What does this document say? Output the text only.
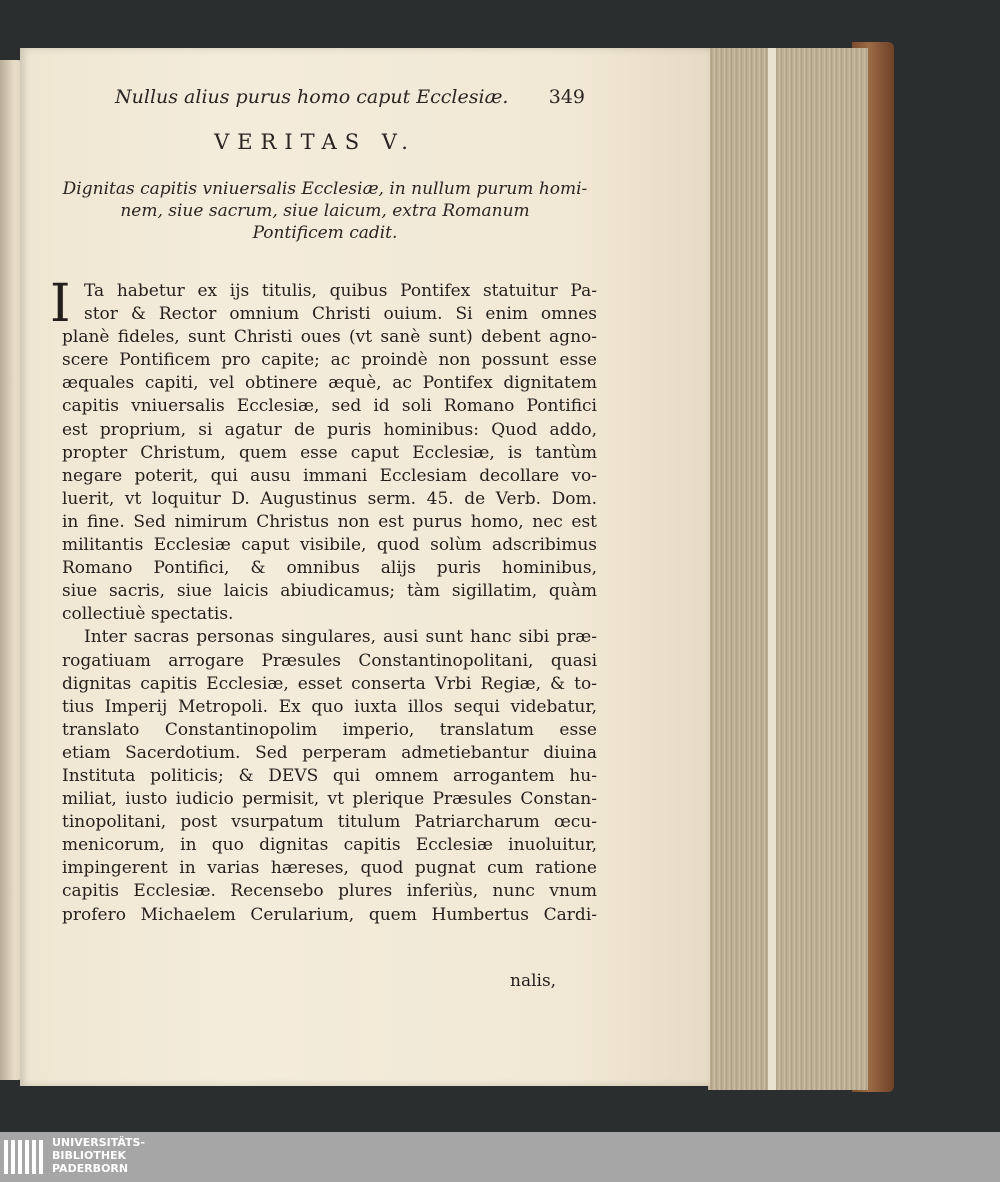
Nullus alius purus homo caput Ecclesiæ. 349
VERITAS V.
Dignitas capitis vniuersalis Ecclesiæ, in nullum purum homi-
nem, siue sacrum, siue laicum, extra Romanum
Pontificem cadit.
I Ta habetur ex ijs titulis, quibus Pontifex statuitur Pa-
stor & Rector omnium Christi ouium. Si enim omnes
planè fideles, sunt Christi oues (vt sanè sunt) debent agno-
scere Pontificem pro capite; ac proindè non possunt esse
æquales capiti, vel obtinere æquè, ac Pontifex dignitatem
capitis vniuersalis Ecclesiæ, sed id soli Romano Pontifici
est proprium, si agatur de puris hominibus: Quod addo,
propter Christum, quem esse caput Ecclesiæ, is tantùm
negare poterit, qui ausu immani Ecclesiam decollare vo-
luerit, vt loquitur D. Augustinus serm. 45. de Verb. Dom.
in fine. Sed nimirum Christus non est purus homo, nec est
militantis Ecclesiæ caput visibile, quod solùm adscribimus
Romano Pontifici, & omnibus alijs puris hominibus,
siue sacris, siue laicis abiudicamus; tàm sigillatim, quàm
collectiuè spectatis.
Inter sacras personas singulares, ausi sunt hanc sibi præ-
rogatiuam arrogare Præsules Constantinopolitani, quasi
dignitas capitis Ecclesiæ, esset conserta Vrbi Regiæ, & to-
tius Imperij Metropoli. Ex quo iuxta illos sequi videbatur,
translato Constantinopolim imperio, translatum esse
etiam Sacerdotium. Sed perperam admetiebantur diuina
Instituta politicis; & DEVS qui omnem arrogantem hu-
miliat, iusto iudicio permisit, vt plerique Præsules Constan-
tinopolitani, post vsurpatum titulum Patriarcharum œcu-
menicorum, in quo dignitas capitis Ecclesiæ inuoluitur,
impingerent in varias hæreses, quod pugnat cum ratione
capitis Ecclesiæ. Recensebo plures inferiùs, nunc vnum
profero Michaelem Cerularium, quem Humbertus Cardi-
nalis,
UNIVERSITÄTS-
BIBLIOTHEK
PADERBORN
